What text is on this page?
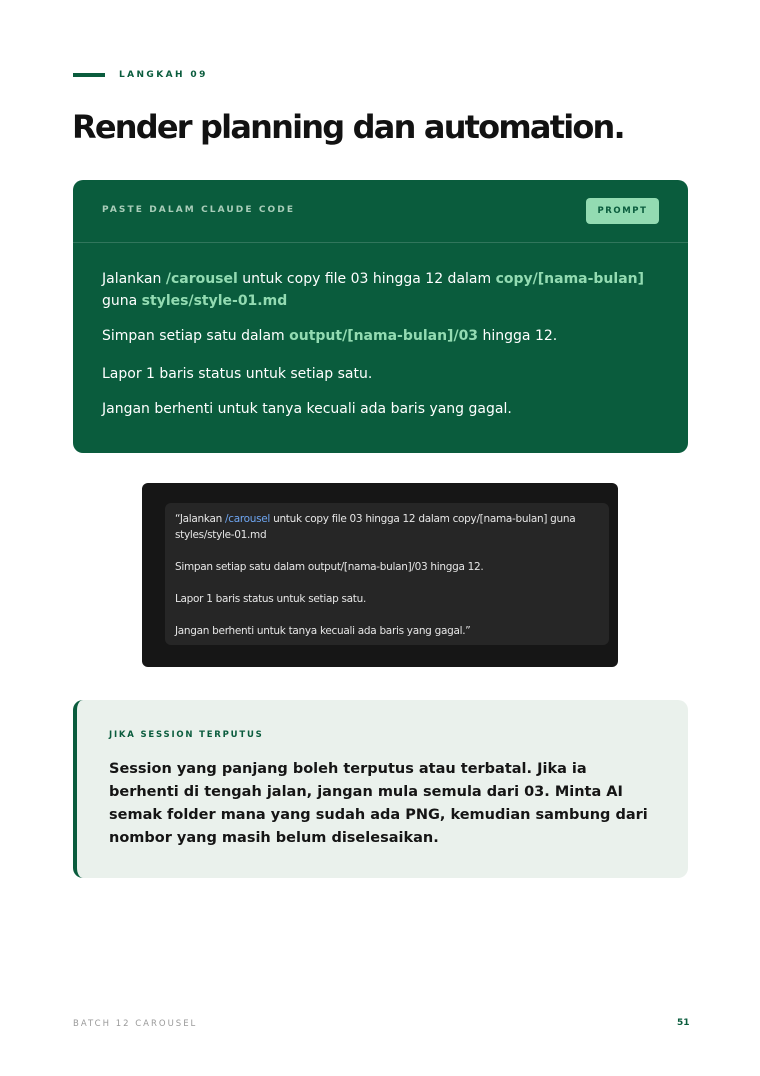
LANGKAH 09
Render planning dan automation.
PASTE DALAM CLAUDE CODE	PROMPT

Jalankan /carousel untuk copy file 03 hingga 12 dalam copy/[nama-bulan]
guna styles/style-01.md

Simpan setiap satu dalam output/[nama-bulan]/03 hingga 12.

Lapor 1 baris status untuk setiap satu.

Jangan berhenti untuk tanya kecuali ada baris yang gagal.

“Jalankan /carousel untuk copy file 03 hingga 12 dalam copy/[nama-bulan] guna styles/style-01.md

Simpan setiap satu dalam output/[nama-bulan]/03 hingga 12.

Lapor 1 baris status untuk setiap satu.

Jangan berhenti untuk tanya kecuali ada baris yang gagal.”

JIKA SESSION TERPUTUS

Session yang panjang boleh terputus atau terbatal. Jika ia berhenti di tengah jalan, jangan mula semula dari 03. Minta AI semak folder mana yang sudah ada PNG, kemudian sambung dari nombor yang masih belum diselesaikan.

BATCH 12 CAROUSEL	51
